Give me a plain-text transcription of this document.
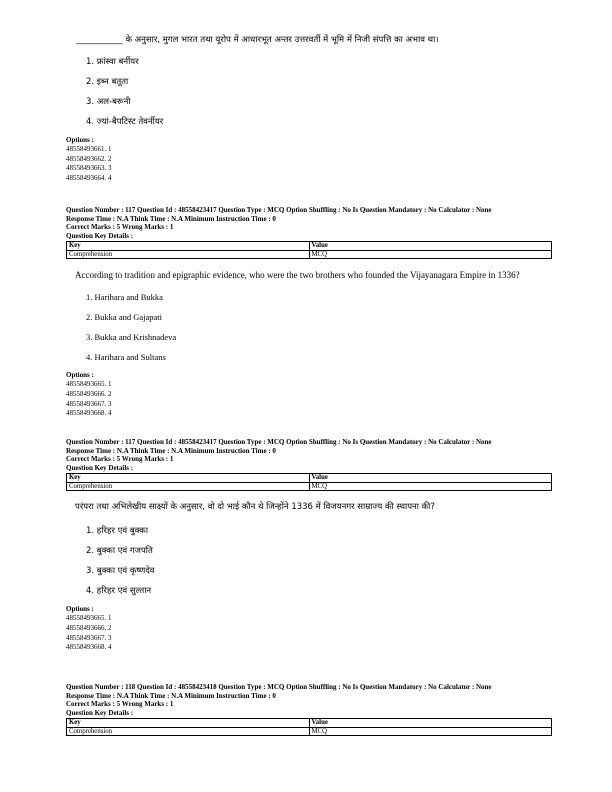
___________ के अनुसार, मुगल भारत तथा यूरोप में आधारभूत अन्तर उत्तरवर्ती में भूमि में निजी संपत्ति का अभाव था।

1. फ्रांस्वा बर्नीयर
2. इब्न बतूता
3. अल-बरूनी
4. ज्यां-बैपटिस्ट तेवर्नीयर
Options :
48558493661. 1
48558493662. 2
48558493663. 3
48558493664. 4
Question Number : 117 Question Id : 48558423417 Question Type : MCQ Option Shuffling : No Is Question Mandatory : No Calculator : None
Response Time : N.A Think Time : N.A Minimum Instruction Time : 0
Correct Marks : 5 Wrong Marks : 1
Question Key Details :
Key	Value
Comprehension	MCQ

According to tradition and epigraphic evidence, who were the two brothers who founded the Vijayanagara Empire in 1336?

1. Harihara and Bukka
2. Bukka and Gajapati
3. Bukka and Krishnadeva
4. Harihara and Sultans
Options :
48558493665. 1
48558493666. 2
48558493667. 3
48558493668. 4
Question Number : 117 Question Id : 48558423417 Question Type : MCQ Option Shuffling : No Is Question Mandatory : No Calculator : None
Response Time : N.A Think Time : N.A Minimum Instruction Time : 0
Correct Marks : 5 Wrong Marks : 1
Question Key Details :
Key	Value
Comprehension	MCQ

परंपरा तथा अभिलेखीय साक्ष्यों के अनुसार, वो दो भाई कौन थे जिन्होंने 1336 में विजयनगर साम्राज्य की स्थापना की?

1. हरिहर एवं बुक्का
2. बुक्का एवं गजपति
3. बुक्का एवं कृष्णदेव
4. हरिहर एवं सुल्तान
Options :
48558493665. 1
48558493666. 2
48558493667. 3
48558493668. 4
Question Number : 118 Question Id : 48558423418 Question Type : MCQ Option Shuffling : No Is Question Mandatory : No Calculator : None
Response Time : N.A Think Time : N.A Minimum Instruction Time : 0
Correct Marks : 5 Wrong Marks : 1
Question Key Details :
Key	Value
Comprehension	MCQ
